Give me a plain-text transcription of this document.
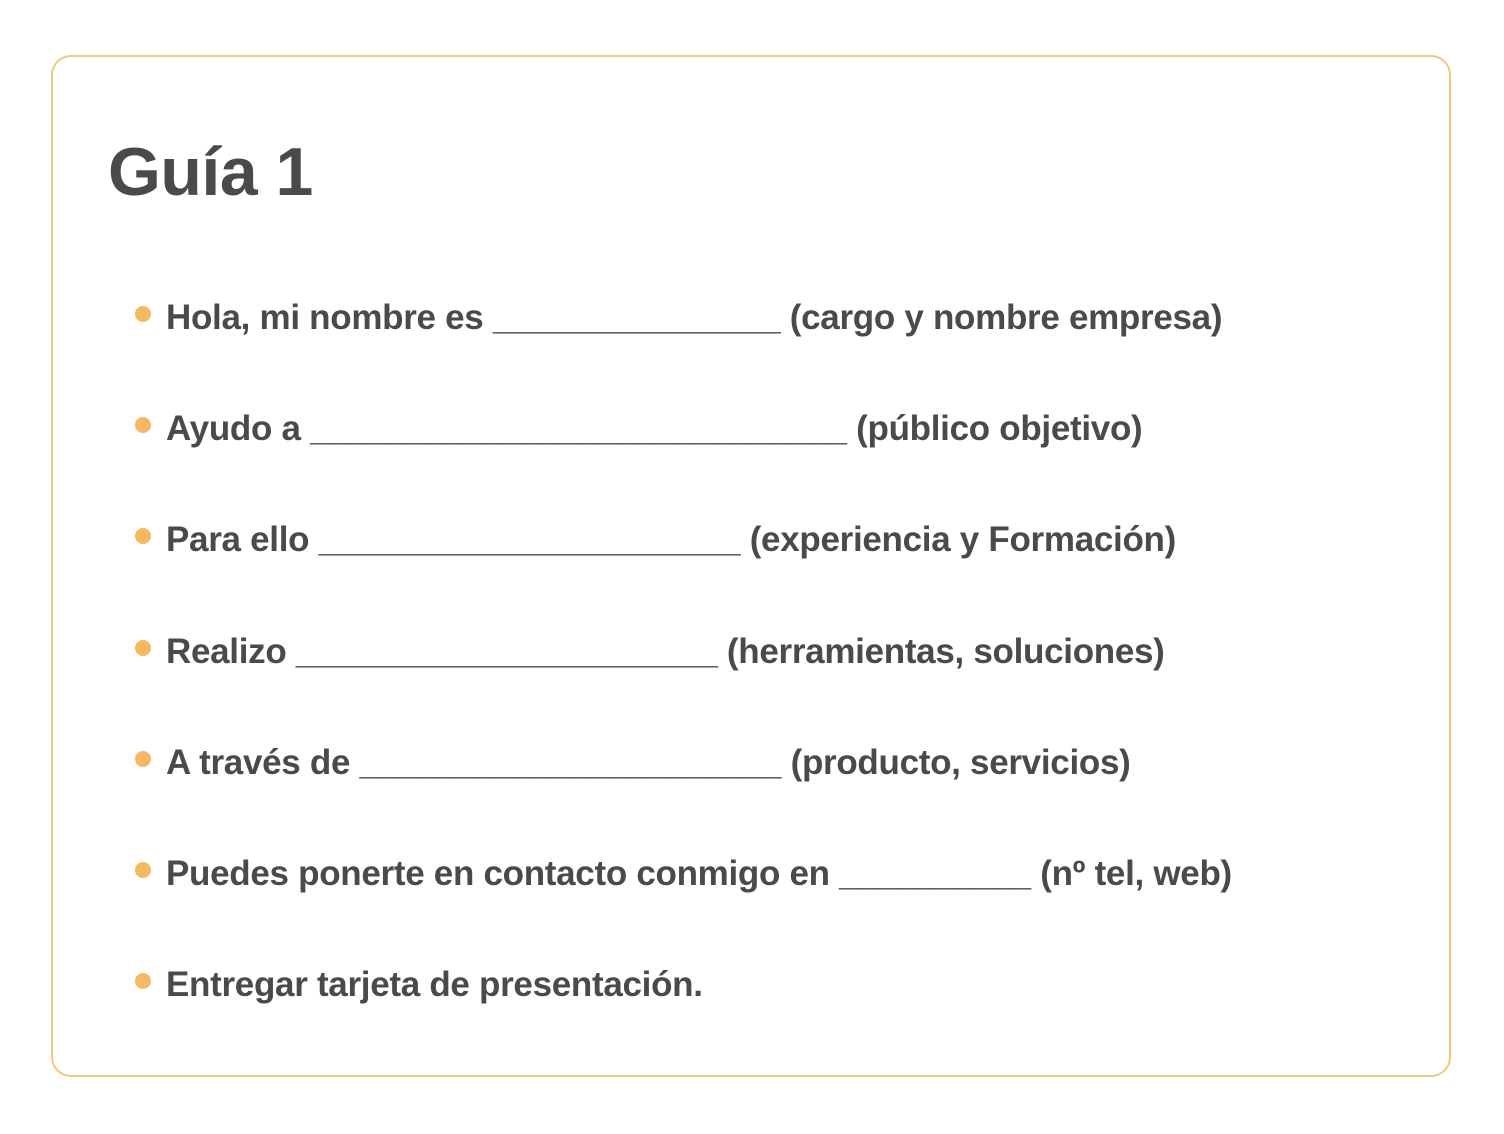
Guía 1
Hola, mi nombre es _______________ (cargo y nombre empresa)
Ayudo a ____________________________ (público objetivo)
Para ello ______________________ (experiencia y Formación)
Realizo ______________________ (herramientas, soluciones)
A través de ______________________ (producto, servicios)
Puedes ponerte en contacto conmigo en __________ (nº tel, web)
Entregar tarjeta de presentación.
